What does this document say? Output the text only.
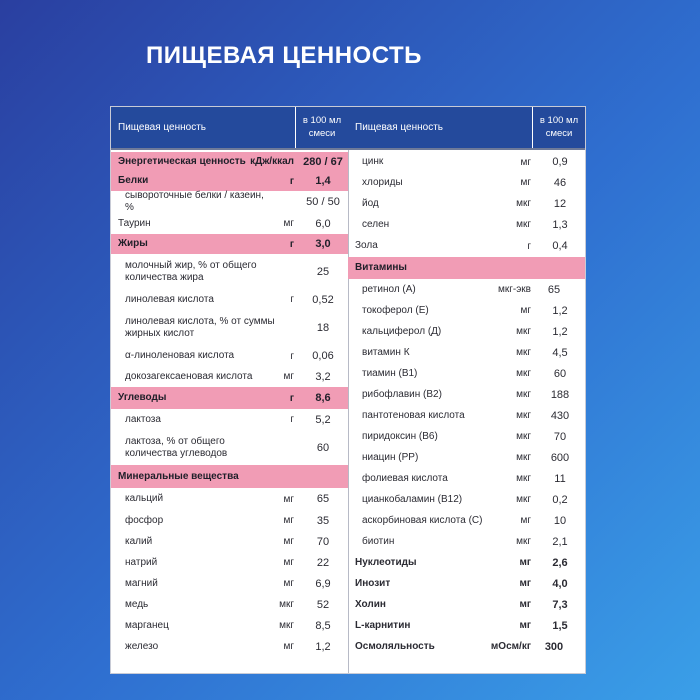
ПИЩЕВАЯ ЦЕННОСТЬ
Пищевая ценность
в 100 мл
смеси
Энергетическая ценность кДж/ккал 280 / 67
Белки	г	1,4
сывороточные белки / казеин, %	50 / 50
Таурин	мг	6,0
Жиры	г	3,0
молочный жир, % от общего количества жира	25
линолевая кислота	г	0,52
линолевая кислота, % от суммы жирных кислот	18
α-линоленовая кислота	г	0,06
докозагексаеновая кислота	мг	3,2
Углеводы	г	8,6
лактоза	г	5,2
лактоза, % от общего количества углеводов	60
Минеральные вещества
кальций	мг	65
фосфор	мг	35
калий	мг	70
натрий	мг	22
магний	мг	6,9
медь	мкг	52
марганец	мкг	8,5
железо	мг	1,2
Пищевая ценность
в 100 мл
смеси
цинк	мг	0,9
хлориды	мг	46
йод	мкг	12
селен	мкг	1,3
Зола	г	0,4
Витамины
ретинол (А)	мкг-экв	65
токоферол (Е)	мг	1,2
кальциферол (Д)	мкг	1,2
витамин К	мкг	4,5
тиамин (В1)	мкг	60
рибофлавин (В2)	мкг	188
пантотеновая кислота	мкг	430
пиридоксин (В6)	мкг	70
ниацин (РР)	мкг	600
фолиевая кислота	мкг	11
цианкобаламин (В12)	мкг	0,2
аскорбиновая кислота (С)	мг	10
биотин	мкг	2,1
Нуклеотиды	мг	2,6
Инозит	мг	4,0
Холин	мг	7,3
L-карнитин	мг	1,5
Осмоляльность	мОсм/кг	300
